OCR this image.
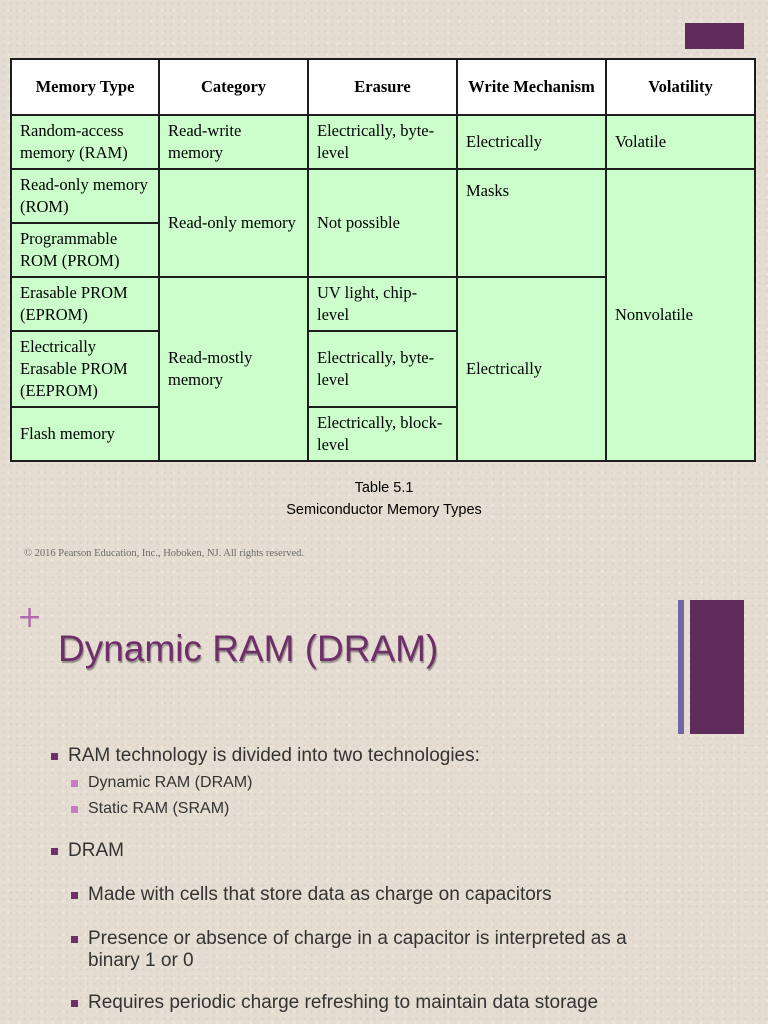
Memory Type	Category	Erasure	Write Mechanism	Volatility
Random-access memory (RAM)	Read-write memory	Electrically, byte-level	Electrically	Volatile
Read-only memory (ROM)	Read-only memory	Not possible	Masks	Nonvolatile
Programmable ROM (PROM)				
Erasable PROM (EPROM)	Read-mostly memory	UV light, chip-level	Electrically	
Electrically Erasable PROM (EEPROM)		Electrically, byte-level		
Flash memory		Electrically, block-level		
Table 5.1
Semiconductor Memory Types
© 2016 Pearson Education, Inc., Hoboken, NJ. All rights reserved.
+
Dynamic RAM (DRAM)
RAM technology is divided into two technologies:
Dynamic RAM (DRAM)
Static RAM (SRAM)
DRAM
Made with cells that store data as charge on capacitors
Presence or absence of charge in a capacitor is interpreted as a binary 1 or 0
Requires periodic charge refreshing to maintain data storage
